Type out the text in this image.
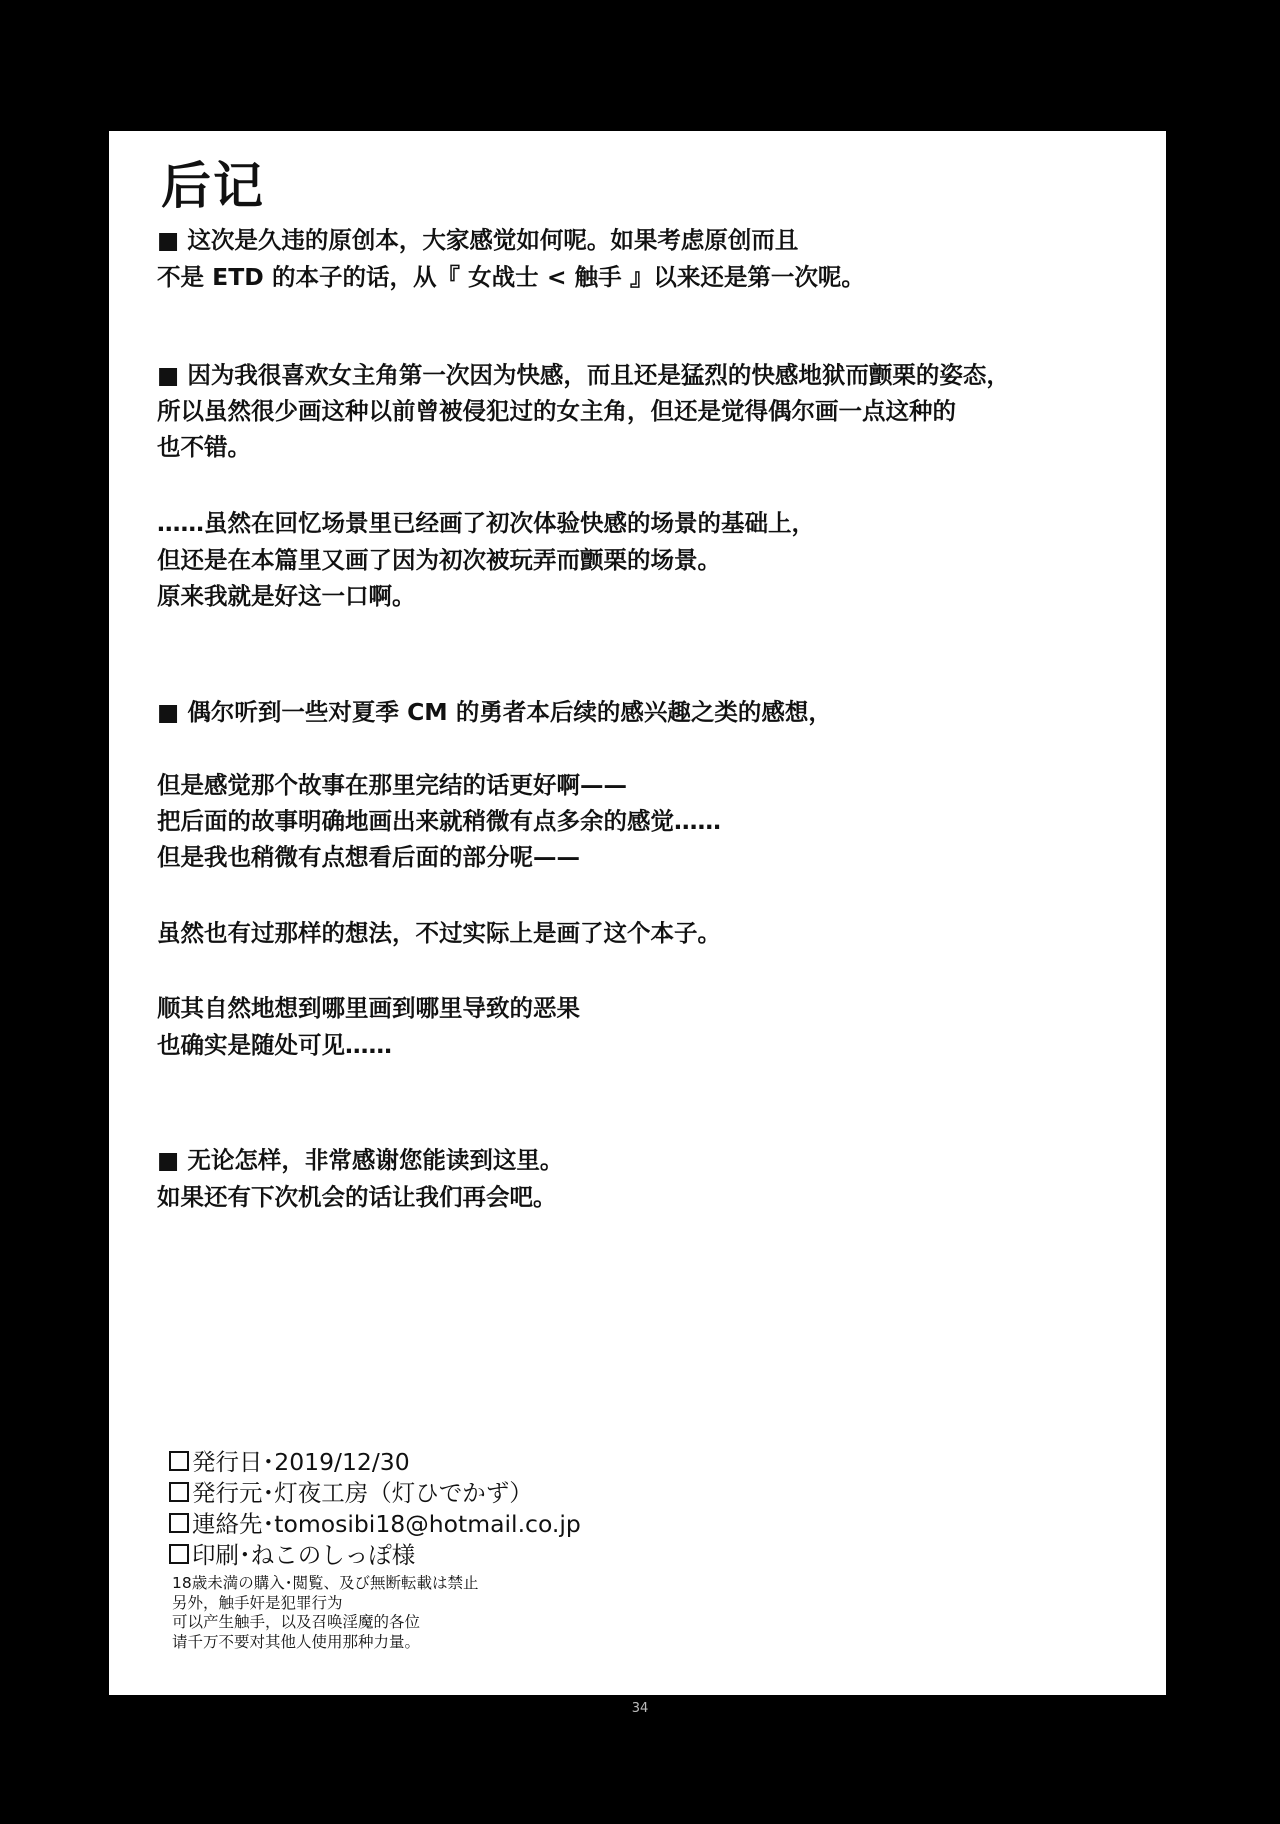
后记
■ 这次是久违的原创本，大家感觉如何呢。如果考虑原创而且
不是 ETD 的本子的话，从『 女战士 < 触手 』以来还是第一次呢。
■ 因为我很喜欢女主角第一次因为快感，而且还是猛烈的快感地狱而颤栗的姿态，
所以虽然很少画这种以前曾被侵犯过的女主角，但还是觉得偶尔画一点这种的
也不错。
……虽然在回忆场景里已经画了初次体验快感的场景的基础上，
但还是在本篇里又画了因为初次被玩弄而颤栗的场景。
原来我就是好这一口啊。
■ 偶尔听到一些对夏季 CM 的勇者本后续的感兴趣之类的感想，
但是感觉那个故事在那里完结的话更好啊——
把后面的故事明确地画出来就稍微有点多余的感觉……
但是我也稍微有点想看后面的部分呢——
虽然也有过那样的想法，不过实际上是画了这个本子。
顺其自然地想到哪里画到哪里导致的恶果
也确实是随处可见……
■ 无论怎样，非常感谢您能读到这里。
如果还有下次机会的话让我们再会吧。
発行日･2019/12/30
発行元･灯夜工房（灯ひでかず）
連絡先･tomosibi18@hotmail.co.jp
印刷･ねこのしっぽ様
18歳未満の購入･閲覧、及び無断転載は禁止
另外，触手奸是犯罪行为
可以产生触手，以及召唤淫魔的各位
请千万不要对其他人使用那种力量。
34
